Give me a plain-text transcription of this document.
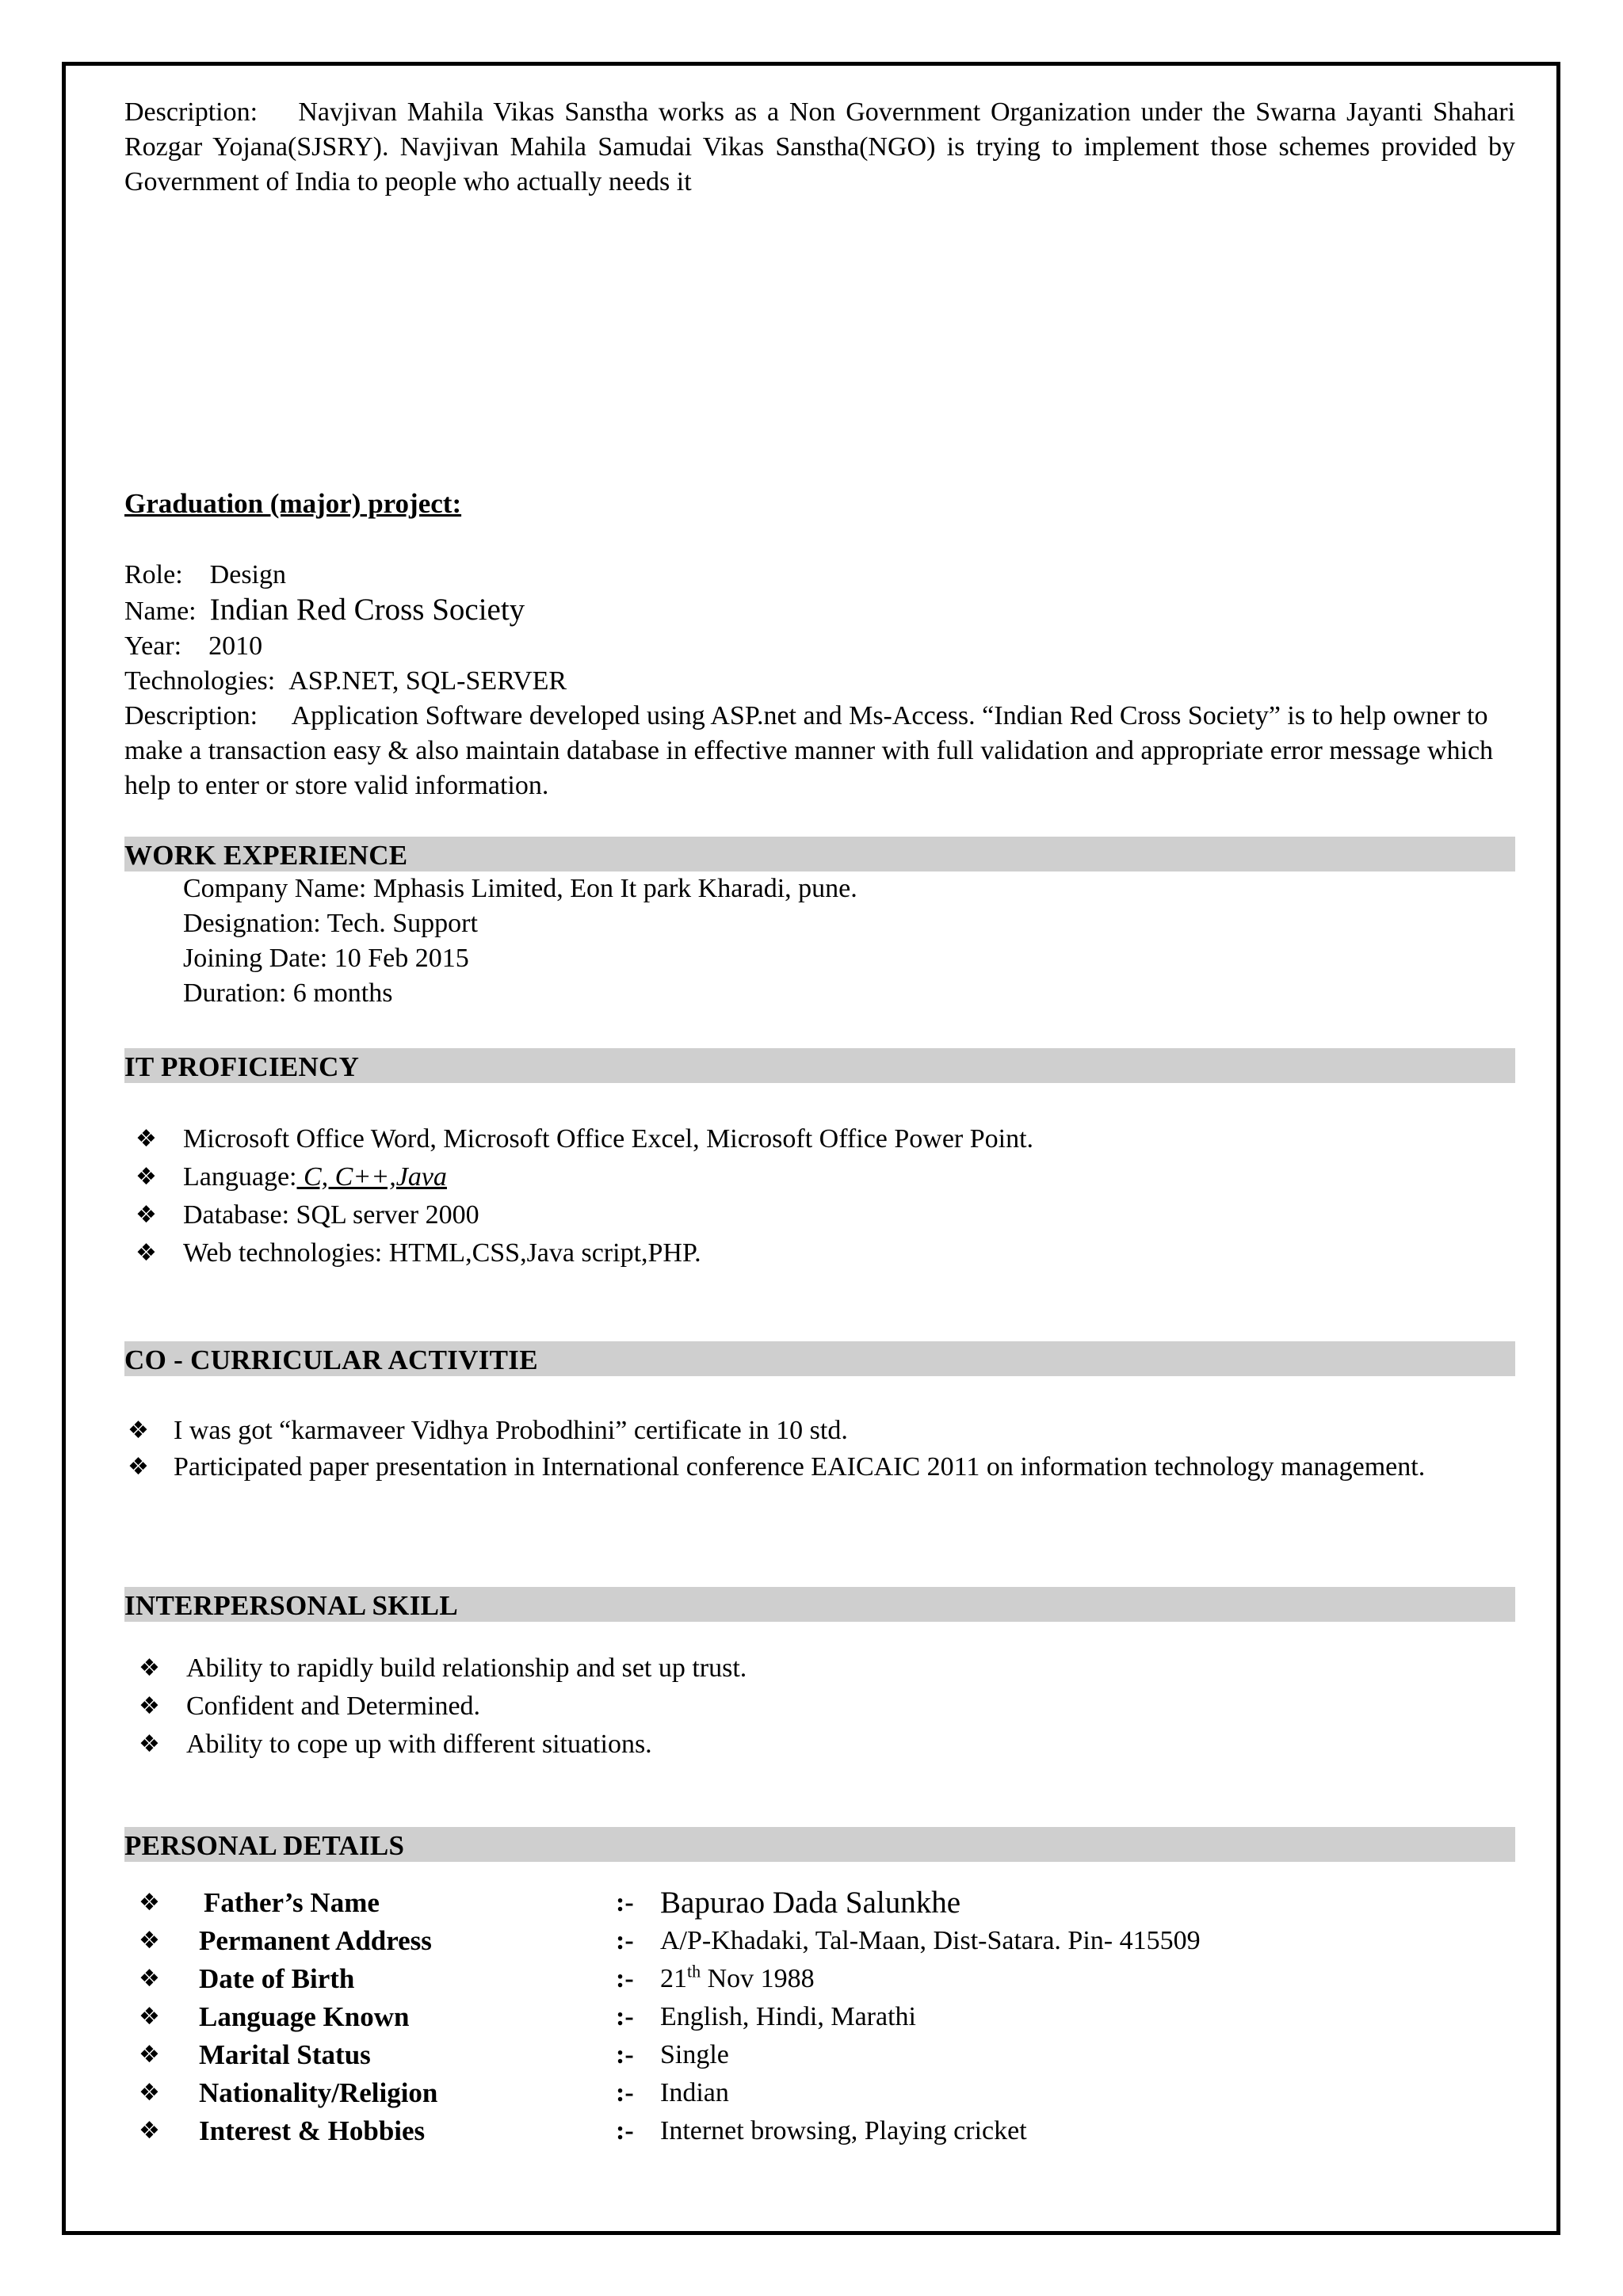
Description: Navjivan Mahila Vikas Sanstha works as a Non Government Organization under the Swarna Jayanti Shahari Rozgar Yojana(SJSRY). Navjivan Mahila Samudai Vikas Sanstha(NGO) is trying to implement those schemes provided by Government of India to people who actually needs it
Graduation (major) project:
Role: Design
Name: Indian Red Cross Society
Year: 2010
Technologies: ASP.NET, SQL-SERVER
Description: Application Software developed using ASP.net and Ms-Access. “Indian Red Cross Society” is to help owner to make a transaction easy & also maintain database in effective manner with full validation and appropriate error message which help to enter or store valid information.
WORK EXPERIENCE
Company Name: Mphasis Limited, Eon It park Kharadi, pune.
Designation: Tech. Support
Joining Date: 10 Feb 2015
Duration: 6 months
IT PROFICIENCY
❖ Microsoft Office Word, Microsoft Office Excel, Microsoft Office Power Point.
❖ Language: C, C++,Java
❖ Database: SQL server 2000
❖ Web technologies: HTML,CSS,Java script,PHP.
CO - CURRICULAR ACTIVITIE
❖ I was got “karmaveer Vidhya Probodhini” certificate in 10 std.
❖ Participated paper presentation in International conference EAICAIC 2011 on information technology management.
INTERPERSONAL SKILL
❖ Ability to rapidly build relationship and set up trust.
❖ Confident and Determined.
❖ Ability to cope up with different situations.
PERSONAL DETAILS
❖ Father’s Name	:- Bapurao Dada Salunkhe
❖ Permanent Address	:- A/P-Khadaki, Tal-Maan, Dist-Satara. Pin- 415509
❖ Date of Birth	:- 21th Nov 1988
❖ Language Known	:- English, Hindi, Marathi
❖ Marital Status	:- Single
❖ Nationality/Religion	:- Indian
❖ Interest & Hobbies	:- Internet browsing, Playing cricket
